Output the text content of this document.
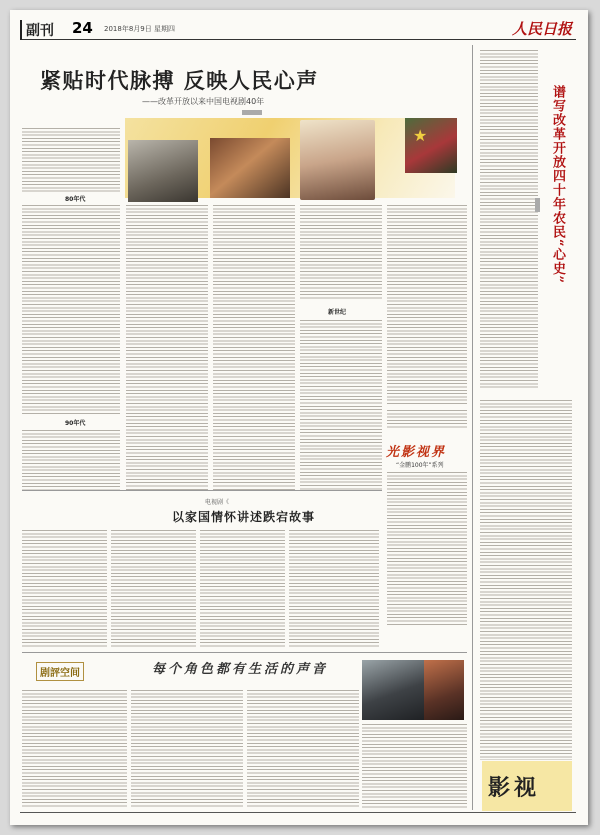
副刊 24 2018年8月9日 星期四	人民日报
紧贴时代脉搏 反映人民心声
——改革开放以来中国电视剧40年
★
80年代
90年代
新世纪
谱写改革开放四十年农民“心史”
光影视界
“金鹏100年”系列
电视剧《
以家国情怀讲述跌宕故事
剧評空间	每个角色都有生活的声音
影视
